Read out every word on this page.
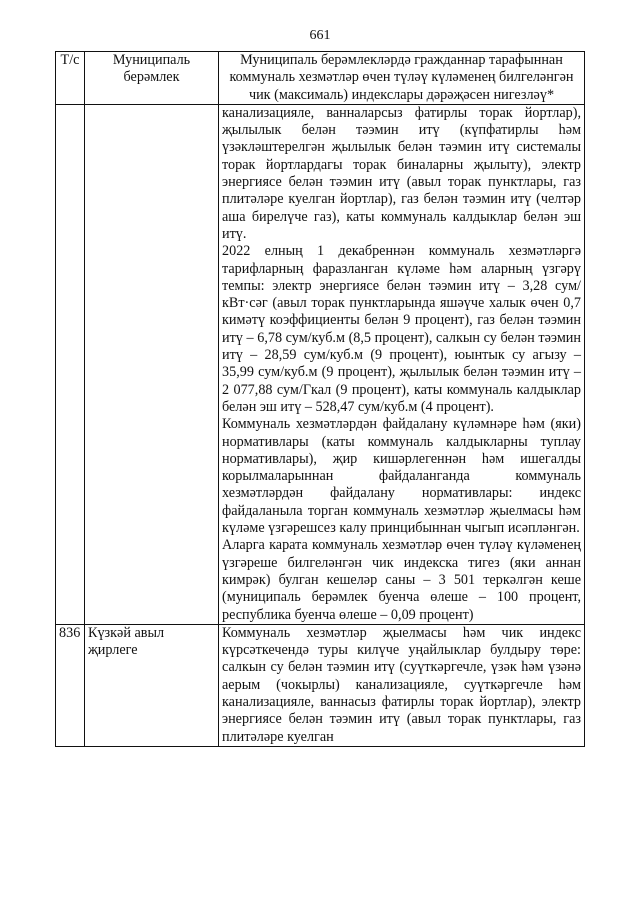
661
Т/с	Муниципаль берәмлек	Муниципаль берәмлекләрдә гражданнар тарафыннан коммуналь хезмәтләр өчен түләү күләменең билгеләнгән чик (максималь) индекслары дәрәҗәсен нигезләү*

		канализацияле, ванналарсыз фатирлы торак йортлар), җылылык белән тәэмин итү (күпфатирлы һәм үзәкләштерелгән җылылык белән тәэмин итү системалы торак йортлардагы торак биналарны җылыту), электр энергиясе белән тәэмин итү (авыл торак пунктлары, газ плитәләре куелган йортлар), газ белән тәэмин итү (челтәр аша бирелүче газ), каты коммуналь калдыклар белән эш итү.

2022 елның 1 декабреннән коммуналь хезмәтләргә тарифларның фаразланган күләме һәм аларның үзгәрү темпы: электр энергиясе белән тәэмин итү – 3,28 сум/кВт·сәг (авыл торак пунктларында яшәүче халык өчен 0,7 кимәтү коэффициенты белән 9 процент), газ белән тәэмин итү – 6,78 сум/куб.м (8,5 процент), салкын су белән тәэмин итү – 28,59 сум/куб.м (9 процент), юынтык су агызу – 35,99 сум/куб.м (9 процент), җылылык белән тәэмин итү – 2 077,88 сум/Гкал (9 процент), каты коммуналь калдыклар белән эш итү – 528,47 сум/куб.м (4 процент).

Коммуналь хезмәтләрдән файдалану күләмнәре һәм (яки) нормативлары (каты коммуналь калдыкларны туплау нормативлары), җир кишәрлегеннән һәм ишегалды корылмаларыннан файдаланганда коммуналь хезмәтләрдән файдалану нормативлары: индекс файдаланыла торган коммуналь хезмәтләр җыелмасы һәм күләме үзгәрешсез калу принцибыннан чыгып исәпләнгән.

Аларга карата коммуналь хезмәтләр өчен түләү күләменең үзгәреше билгеләнгән чик индекска тигез (яки аннан кимрәк) булган кешеләр саны – 3 501 теркәлгән кеше (муниципаль берәмлек буенча өлеше – 100 процент, республика буенча өлеше – 0,09 процент)

836	Күзкәй авыл җирлеге	Коммуналь хезмәтләр җыелмасы һәм чик индекс күрсәткечендә туры килүче уңайлыклар булдыру төре: салкын су белән тәэмин итү (суүткәргечле, үзәк һәм үзәнә аерым (чокырлы) канализацияле, суүткәргечле һәм канализацияле, ваннасыз фатирлы торак йортлар), электр энергиясе белән тәэмин итү (авыл торак пунктлары, газ плитәләре куелган
